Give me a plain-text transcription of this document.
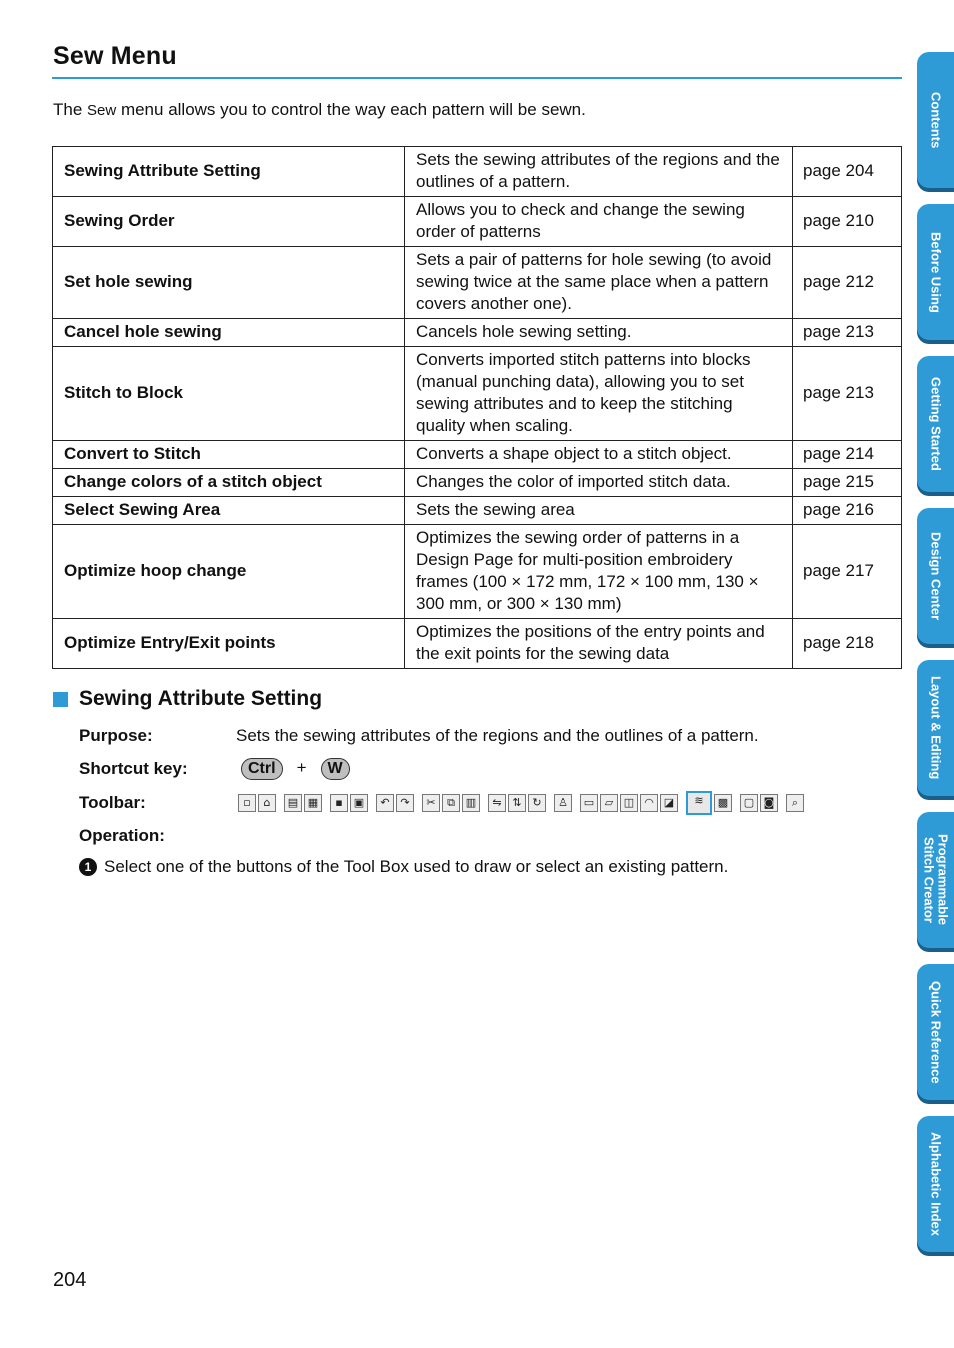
Sew Menu
The Sew menu allows you to control the way each pattern will be sewn.
Sewing Attribute Setting	Sets the sewing attributes of the regions and the outlines of a pattern.	page 204
Sewing Order	Allows you to check and change the sewing order of patterns	page 210
Set hole sewing	Sets a pair of patterns for hole sewing (to avoid sewing twice at the same place when a pattern covers another one).	page 212
Cancel hole sewing	Cancels hole sewing setting.	page 213
Stitch to Block	Converts imported stitch patterns into blocks (manual punching data), allowing you to set sewing attributes and to keep the stitching quality when scaling.	page 213
Convert to Stitch	Converts a shape object to a stitch object.	page 214
Change colors of a stitch object	Changes the color of imported stitch data.	page 215
Select Sewing Area	Sets the sewing area	page 216
Optimize hoop change	Optimizes the sewing order of patterns in a Design Page for multi-position embroidery frames (100 × 172 mm, 172 × 100 mm, 130 × 300 mm, or 300 × 130 mm)	page 217
Optimize Entry/Exit points	Optimizes the positions of the entry points and the exit points for the sewing data	page 218
Sewing Attribute Setting
Purpose:	Sets the sewing attributes of the regions and the outlines of a pattern.
Shortcut key:	Ctrl + W
Toolbar:	▫	⌂	▤ ▦	▪	▣	↶ ↷	✂	⧉ ▥	⇋ ⇅ ↻	♙	▭ ▱ ◫ ◠ ◪	≋	▩	▢ ◙	⌕
Operation:
1 Select one of the buttons of the Tool Box used to draw or select an existing pattern.
204
Contents
Before Using
Getting Started
Design Center
Layout & Editing
Programmable
Stitch Creator
Quick Reference
Alphabetic Index
